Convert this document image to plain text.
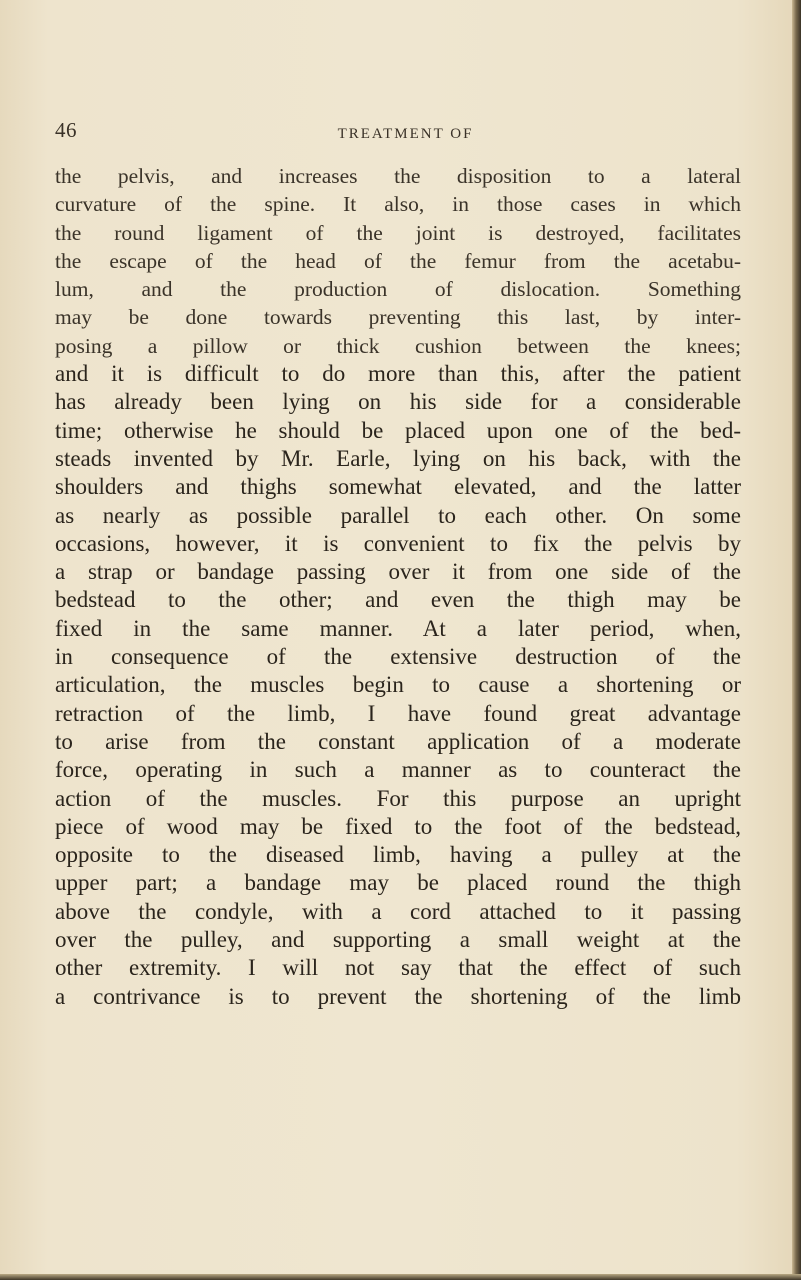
46	TREATMENT OF
the pelvis, and increases the disposition to a lateral
curvature of the spine. It also, in those cases in which
the round ligament of the joint is destroyed, facilitates
the escape of the head of the femur from the acetabu-
lum, and the production of dislocation. Something
may be done towards preventing this last, by inter-
posing a pillow or thick cushion between the knees;
and it is difficult to do more than this, after the patient
has already been lying on his side for a considerable
time; otherwise he should be placed upon one of the bed-
steads invented by Mr. Earle, lying on his back, with the
shoulders and thighs somewhat elevated, and the latter
as nearly as possible parallel to each other. On some
occasions, however, it is convenient to fix the pelvis by
a strap or bandage passing over it from one side of the
bedstead to the other; and even the thigh may be
fixed in the same manner. At a later period, when,
in consequence of the extensive destruction of the
articulation, the muscles begin to cause a shortening or
retraction of the limb, I have found great advantage
to arise from the constant application of a moderate
force, operating in such a manner as to counteract the
action of the muscles. For this purpose an upright
piece of wood may be fixed to the foot of the bedstead,
opposite to the diseased limb, having a pulley at the
upper part; a bandage may be placed round the thigh
above the condyle, with a cord attached to it passing
over the pulley, and supporting a small weight at the
other extremity. I will not say that the effect of such
a contrivance is to prevent the shortening of the limb
